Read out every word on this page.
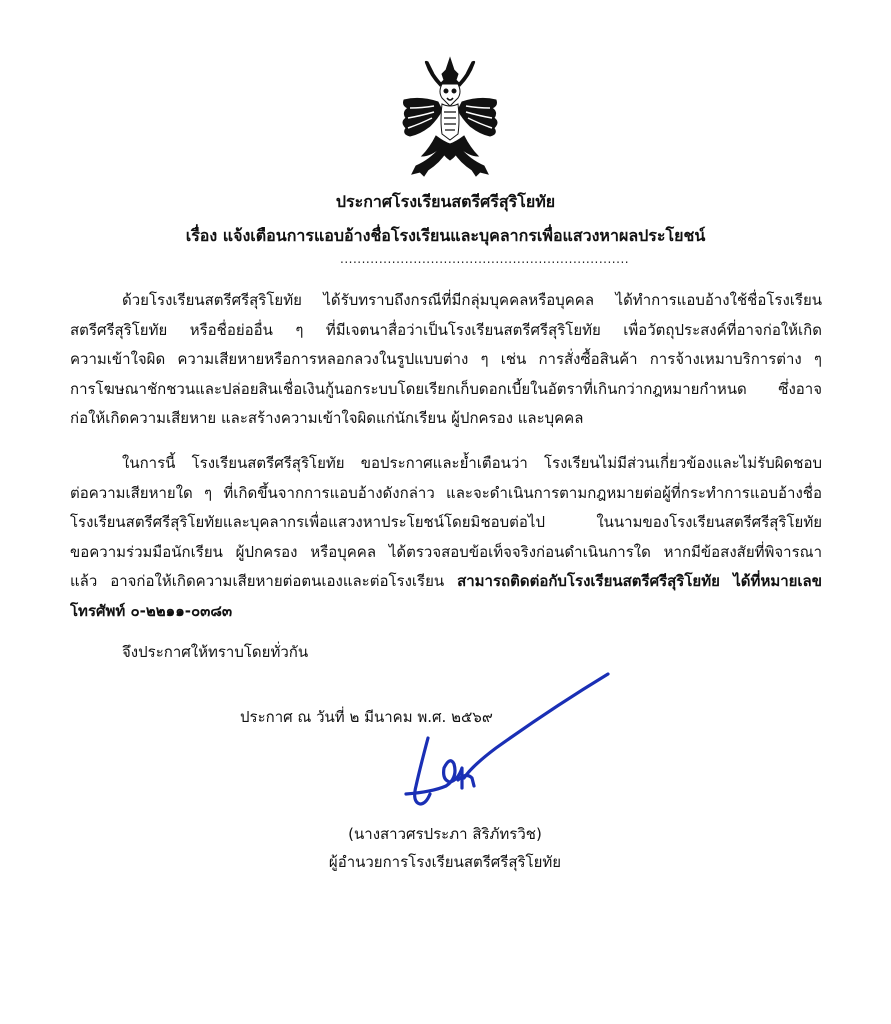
ประกาศโรงเรียนสตรีศรีสุริโยทัย
เรื่อง แจ้งเตือนการแอบอ้างชื่อโรงเรียนและบุคลากรเพื่อแสวงหาผลประโยชน์
...................................................................
ด้วยโรงเรียนสตรีศรีสุริโยทัย ได้รับทราบถึงกรณีที่มีกลุ่มบุคคลหรือบุคคล ได้ทำการแอบอ้างใช้ชื่อโรงเรียน
สตรีศรีสุริโยทัย หรือชื่อย่ออื่น ๆ ที่มีเจตนาสื่อว่าเป็นโรงเรียนสตรีศรีสุริโยทัย เพื่อวัตถุประสงค์ที่อาจก่อให้เกิด
ความเข้าใจผิด ความเสียหายหรือการหลอกลวงในรูปแบบต่าง ๆ เช่น การสั่งซื้อสินค้า การจ้างเหมาบริการต่าง ๆ
การโฆษณาชักชวนและปล่อยสินเชื่อเงินกู้นอกระบบโดยเรียกเก็บดอกเบี้ยในอัตราที่เกินกว่ากฎหมายกำหนด ซึ่งอาจ
ก่อให้เกิดความเสียหาย และสร้างความเข้าใจผิดแก่นักเรียน ผู้ปกครอง และบุคคล
ในการนี้ โรงเรียนสตรีศรีสุริโยทัย ขอประกาศและย้ำเตือนว่า โรงเรียนไม่มีส่วนเกี่ยวข้องและไม่รับผิดชอบ
ต่อความเสียหายใด ๆ ที่เกิดขึ้นจากการแอบอ้างดังกล่าว และจะดำเนินการตามกฎหมายต่อผู้ที่กระทำการแอบอ้างชื่อ
โรงเรียนสตรีศรีสุริโยทัยและบุคลากรเพื่อแสวงหาประโยชน์โดยมิชอบต่อไป ในนามของโรงเรียนสตรีศรีสุริโยทัย
ขอความร่วมมือนักเรียน ผู้ปกครอง หรือบุคคล ได้ตรวจสอบข้อเท็จจริงก่อนดำเนินการใด หากมีข้อสงสัยที่พิจารณา
แล้ว อาจก่อให้เกิดความเสียหายต่อตนเองและต่อโรงเรียน สามารถติดต่อกับโรงเรียนสตรีศรีสุริโยทัย ได้ที่หมายเลข
โทรศัพท์ ๐-๒๒๑๑-๐๓๘๓
จึงประกาศให้ทราบโดยทั่วกัน
ประกาศ ณ วันที่ ๒ มีนาคม พ.ศ. ๒๕๖๙
(นางสาวศรประภา สิริภัทรวิช)
ผู้อำนวยการโรงเรียนสตรีศรีสุริโยทัย
